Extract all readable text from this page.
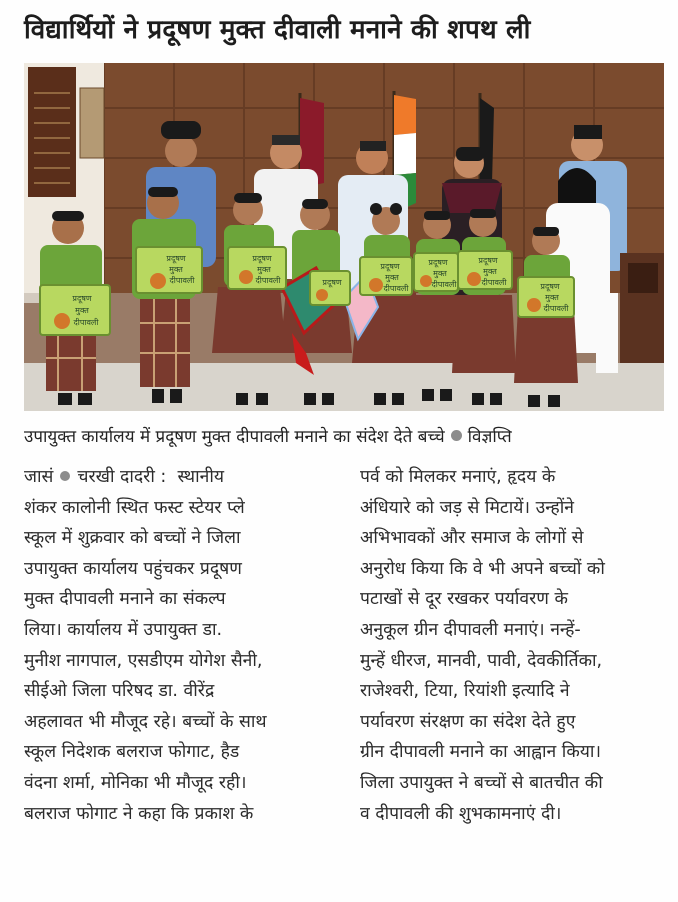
विद्यार्थियों ने प्रदूषण मुक्त दीवाली मनाने की शपथ ली
प्रदूषण
मुक्त
दीपावली
प्रदूषण
मुक्त
दीपावली
प्रदूषण
मुक्त
दीपावली	प्रदूषण
प्रदूषण
मुक्त
दीपावली
प्रदूषण
मुक्त
दीपावली
प्रदूषण
मुक्त
दीपावली	प्रदूषण
मुक्त
दीपावली
उपायुक्त कार्यालय में प्रदूषण मुक्त दीपावली मनाने का संदेश देते बच्चे विज्ञप्ति
जासं चरखी दादरी : स्थानीय
शंकर कालोनी स्थित फस्ट स्टेयर प्ले
स्कूल में शुक्रवार को बच्चों ने जिला
उपायुक्त कार्यालय पहुंचकर प्रदूषण
मुक्त दीपावली मनाने का संकल्प
लिया। कार्यालय में उपायुक्त डा.
मुनीश नागपाल, एसडीएम योगेश सैनी,
सीईओ जिला परिषद डा. वीरेंद्र
अहलावत भी मौजूद रहे। बच्चों के साथ
स्कूल निदेशक बलराज फोगाट, हैड
वंदना शर्मा, मोनिका भी मौजूद रही।
बलराज फोगाट ने कहा कि प्रकाश के
पर्व को मिलकर मनाएं, हृदय के
अंधियारे को जड़ से मिटायें। उन्होंने
अभिभावकों और समाज के लोगों से
अनुरोध किया कि वे भी अपने बच्चों को
पटाखों से दूर रखकर पर्यावरण के
अनुकूल ग्रीन दीपावली मनाएं। नन्हें-
मुन्हें धीरज, मानवी, पावी, देवकीर्तिका,
राजेश्वरी, टिया, रियांशी इत्यादि ने
पर्यावरण संरक्षण का संदेश देते हुए
ग्रीन दीपावली मनाने का आह्वान किया।
जिला उपायुक्त ने बच्चों से बातचीत की
व दीपावली की शुभकामनाएं दी।
